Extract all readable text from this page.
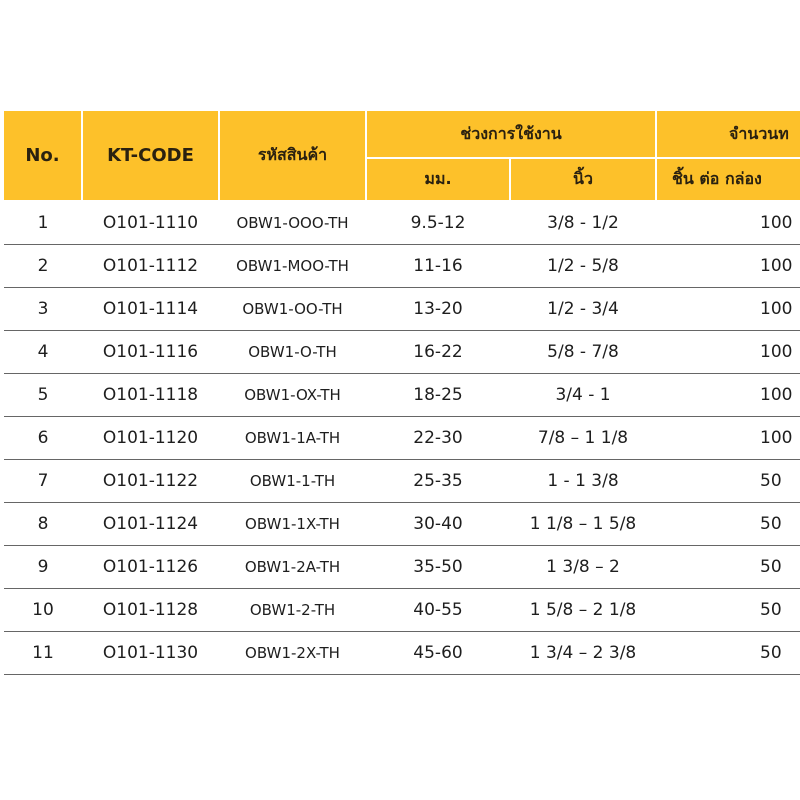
No.	KT-CODE	รหัสสินค้า	ช่วงการใช้งาน		จำนวนท
			มม.	นิ้ว	ชิ้น ต่อ กล่อง
1	O101-1110	OBW1-OOO-TH	9.5-12	3/8 - 1/2	100
2	O101-1112	OBW1-MOO-TH	11-16	1/2 - 5/8	100
3	O101-1114	OBW1-OO-TH	13-20	1/2 - 3/4	100
4	O101-1116	OBW1-O-TH	16-22	5/8 - 7/8	100
5	O101-1118	OBW1-OX-TH	18-25	3/4 - 1	100
6	O101-1120	OBW1-1A-TH	22-30	7/8 – 1 1/8	100
7	O101-1122	OBW1-1-TH	25-35	1 - 1 3/8	50
8	O101-1124	OBW1-1X-TH	30-40	1 1/8 – 1 5/8	50
9	O101-1126	OBW1-2A-TH	35-50	1 3/8 – 2	50
10	O101-1128	OBW1-2-TH	40-55	1 5/8 – 2 1/8	50
11	O101-1130	OBW1-2X-TH	45-60	1 3/4 – 2 3/8	50
